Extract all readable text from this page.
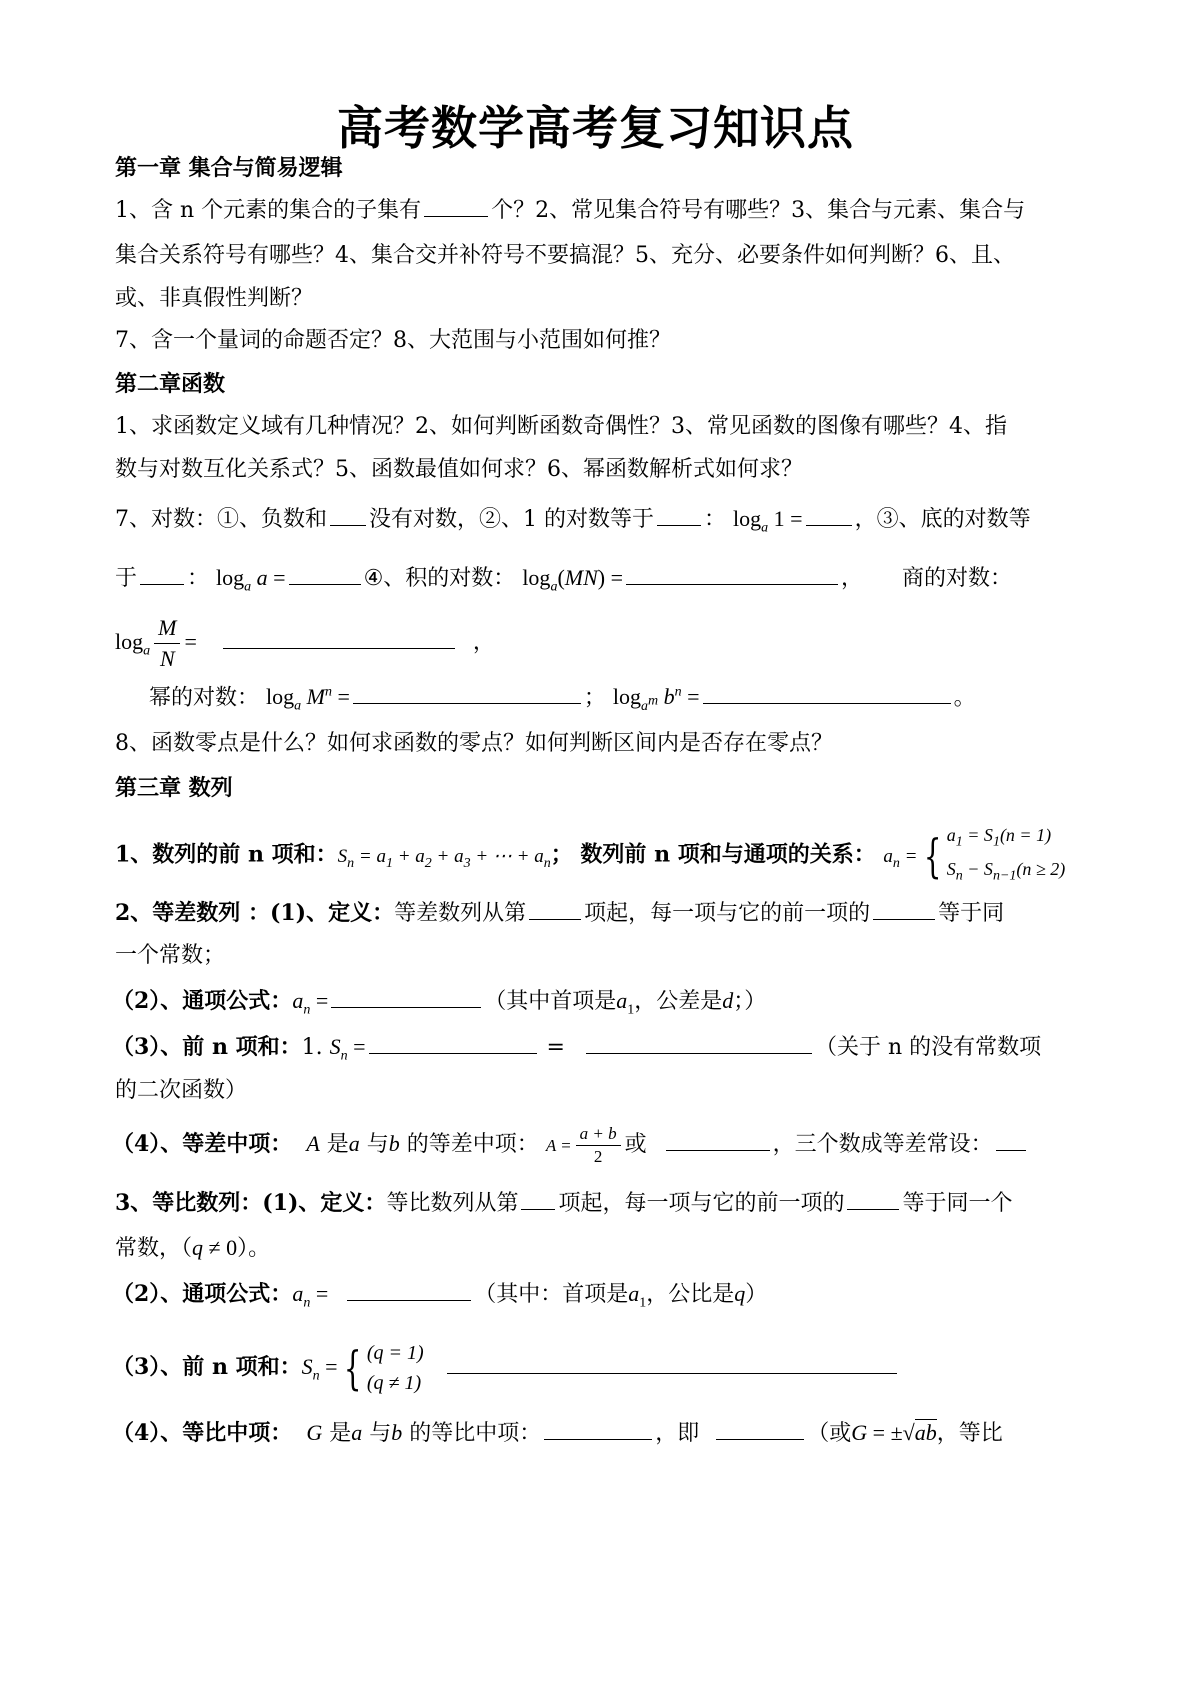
高考数学高考复习知识点
第一章 集合与简易逻辑
1、含 n 个元素的集合的子集有	个？2、常见集合符号有哪些？3、集合与元素、集合与
集合关系符号有哪些？4、集合交并补符号不要搞混？5、充分、必要条件如何判断？6、且、
或、非真假性判断？
7、含一个量词的命题否定？8、大范围与小范围如何推？
第二章函数
1、求函数定义域有几种情况？2、如何判断函数奇偶性？3、常见函数的图像有哪些？4、指
数与对数互化关系式？5、函数最值如何求？6、幂函数解析式如何求？
7、对数：①、负数和 没有对数，②、1 的对数等于 ： $\log_a 1$ = ，③、底的对数等
于 ： $\log_a a$ =	④、积的对数： $\log_a(MN)$ =	， 商的对数：
$\log_a \frac{M}{N}$ =	，
幂的对数： $\log_a M^n$ =	； $\log_{a^m} b^n$ =	。
8、函数零点是什么？如何求函数的零点？如何判断区间内是否存在零点？
第三章 数列
1、数列的前 n 项和：$S_n = a_1 + a_2 + a_3$ + ⋯ + $a_n$； 数列前 n 项和与通项的关系： $a_n$ = { $a_1 = S_1(n = 1)$
$S_n - S_{n-1}(n \ge 2)$
2、等差数列 ：(1)、定义：等差数列从第	项起，每一项与它的前一项的	等于同
一个常数；
（2）、通项公式：$a_n$ =	（其中首项是$a_1$，公差是d；）
（3）、前 n 项和：1. $S_n$ =	=	（关于 n 的没有常数项
的二次函数）
（4）、等差中项： A 是a 与b 的等差中项： $A = \frac{a + b}{2}$ 或	，三个数成等差常设：
3、等比数列：(1)、定义：等比数列从第 项起，每一项与它的前一项的	等于同一个
常数，（q ≠ 0）。
（2）、通项公式：$a_n$ =	（其中：首项是$a_1$，公比是q）
（3）、前 n 项和：$S_n$ = { (q = 1)
(q ≠ 1)

（4）、等比中项： G 是a 与b 的等比中项：	，即	（或G = ±√ab，等比
